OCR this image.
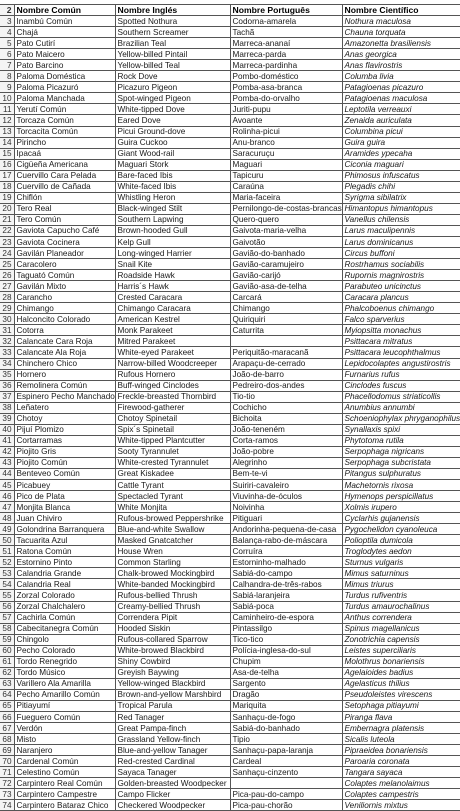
2	Nombre Común	Nombre Inglés	Nombre Português	Nombre Científico
3	Inambú Común	Spotted Nothura	Codorna-amarela	Nothura maculosa
4	Chajá	Southern Screamer	Tachã	Chauna torquata
5	Pato Cutirí	Brazilian Teal	Marreca-ananaí	Amazonetta brasiliensis
6	Pato Maicero	Yellow-billed Pintail	Marreca-parda	Anas georgica
7	Pato Barcino	Yellow-billed Teal	Marreca-pardinha	Anas flavirostris
8	Paloma Doméstica	Rock Dove	Pombo-doméstico	Columba livia
9	Paloma Picazuró	Picazuro Pigeon	Pomba-asa-branca	Patagioenas picazuro
10	Paloma Manchada	Spot-winged Pigeon	Pomba-do-orvalho	Patagioenas maculosa
11	Yerutí Común	White-tipped Dove	Juriti-pupu	Leptotila verreauxi
12	Torcaza Común	Eared Dove	Avoante	Zenaida auriculata
13	Torcacita Común	Picui Ground-dove	Rolinha-picui	Columbina picui
14	Pirincho	Guira Cuckoo	Anu-branco	Guira guira
15	Ipacaá	Giant Wood-rail	Saracuruçu	Aramides ypecaha
16	Cigüeña Americana	Maguari Stork	Maguari	Ciconia maguari
17	Cuervillo Cara Pelada	Bare-faced Ibis	Tapicuru	Phimosus infuscatus
18	Cuervillo de Cañada	White-faced Ibis	Caraúna	Plegadis chihi
19	Chiflón	Whistling Heron	Maria-faceira	Syrigma sibilatrix
20	Tero Real	Black-winged Stilt	Pernilongo-de-costas-brancas	Himantopus himantopus
21	Tero Común	Southern Lapwing	Quero-quero	Vanellus chilensis
22	Gaviota Capucho Café	Brown-hooded Gull	Gaivota-maria-velha	Larus maculipennis
23	Gaviota Cocinera	Kelp Gull	Gaivotão	Larus dominicanus
24	Gavilán Planeador	Long-winged Harrier	Gavião-do-banhado	Circus buffoni
25	Caracolero	Snail Kite	Gavião-caramujeiro	Rostrhamus sociabilis
26	Taguató Común	Roadside Hawk	Gavião-carijó	Rupornis magnirostris
27	Gavilán Mixto	Harris´s Hawk	Gavião-asa-de-telha	Parabuteo unicinctus
28	Carancho	Crested Caracara	Carcará	Caracara plancus
29	Chimango	Chimango Caracara	Chimango	Phalcoboenus chimango
30	Halconcito Colorado	American Kestrel	Quiriquiri	Falco sparverius
31	Cotorra	Monk Parakeet	Caturrita	Myiopsitta monachus
32	Calancate Cara Roja	Mitred Parakeet		Psittacara mitratus
33	Calancate Ala Roja	White-eyed Parakeet	Periquitão-maracanã	Psittacara leucophthalmus
34	Chinchero Chico	Narrow-billed Woodcreeper	Arapaçu-de-cerrado	Lepidocolaptes angustirostris
35	Hornero	Rufous Hornero	João-de-barro	Furnarius rufus
36	Remolinera Común	Buff-winged Cinclodes	Pedreiro-dos-andes	Cinclodes fuscus
37	Espinero Pecho Manchado	Freckle-breasted Thornbird	Tio-tio	Phacellodomus striaticollis
38	Leñatero	Firewood-gatherer	Cochicho	Anumbius annumbi
39	Chotoy	Chotoy Spinetail	Bichoita	Schoeniophylax phryganophilus
40	Pijuí Plomizo	Spix´s Spinetail	João-teneném	Synallaxis spixi
41	Cortarramas	White-tipped Plantcutter	Corta-ramos	Phytotoma rutila
42	Piojito Gris	Sooty Tyrannulet	João-pobre	Serpophaga nigricans
43	Piojito Común	White-crested Tyrannulet	Alegrinho	Serpophaga subcristata
44	Benteveo Común	Great Kiskadee	Bem-te-vi	Pitangus sulphuratus
45	Picabuey	Cattle Tyrant	Suiriri-cavaleiro	Machetornis rixosa
46	Pico de Plata	Spectacled Tyrant	Viuvinha-de-óculos	Hymenops perspicillatus
47	Monjita Blanca	White Monjita	Noivinha	Xolmis irupero
48	Juan Chiviro	Rufous-browed Peppershrike	Pitiguari	Cyclarhis gujanensis
49	Golondrina Barranquera	Blue-and-white Swallow	Andorinha-pequena-de-casa	Pygochelidon cyanoleuca
50	Tacuarita Azul	Masked Gnatcatcher	Balança-rabo-de-máscara	Polioptila dumicola
51	Ratona Común	House Wren	Corruíra	Troglodytes aedon
52	Estornino Pinto	Common Starling	Estorninho-malhado	Sturnus vulgaris
53	Calandria Grande	Chalk-browed Mockingbird	Sabiá-do-campo	Mimus saturninus
54	Calandria Real	White-banded Mockingbird	Calhandra-de-três-rabos	Mimus triurus
55	Zorzal Colorado	Rufous-bellied Thrush	Sabiá-laranjeira	Turdus rufiventris
56	Zorzal Chalchalero	Creamy-bellied Thrush	Sabiá-poca	Turdus amaurochalinus
57	Cachirla Común	Correndera Pipit	Caminheiro-de-espora	Anthus correndera
58	Cabecitanegra Común	Hooded Siskin	Pintassilgo	Spinus magellanicus
59	Chingolo	Rufous-collared Sparrow	Tico-tico	Zonotrichia capensis
60	Pecho Colorado	White-browed Blackbird	Polícia-inglesa-do-sul	Leistes superciliaris
61	Tordo Renegrido	Shiny Cowbird	Chupim	Molothrus bonariensis
62	Tordo Músico	Greyish Baywing	Asa-de-telha	Agelaioides badius
63	Varillero Ala Amarilla	Yellow-winged Blackbird	Sargento	Agelasticus thilius
64	Pecho Amarillo Común	Brown-and-yellow Marshbird	Dragão	Pseudoleistes virescens
65	Pitiayumí	Tropical Parula	Mariquita	Setophaga pitiayumi
66	Fueguero Común	Red Tanager	Sanhaçu-de-fogo	Piranga flava
67	Verdón	Great Pampa-finch	Sabiá-do-banhado	Embernagra platensis
68	Misto	Grassland Yellow-finch	Tipio	Sicalis luteola
69	Naranjero	Blue-and-yellow Tanager	Sanhaçu-papa-laranja	Pipraeidea bonariensis
70	Cardenal Común	Red-crested Cardinal	Cardeal	Paroaria coronata
71	Celestino Común	Sayaca Tanager	Sanhaçu-cinzento	Tangara sayaca
72	Carpintero Real Común	Golden-breasted Woodpecker		Colaptes melanolaimus
73	Carpintero Campestre	Campo Flicker	Pica-pau-do-campo	Colaptes campestris
74	Carpintero Bataraz Chico	Checkered Woodpecker	Pica-pau-chorão	Veniliornis mixtus
